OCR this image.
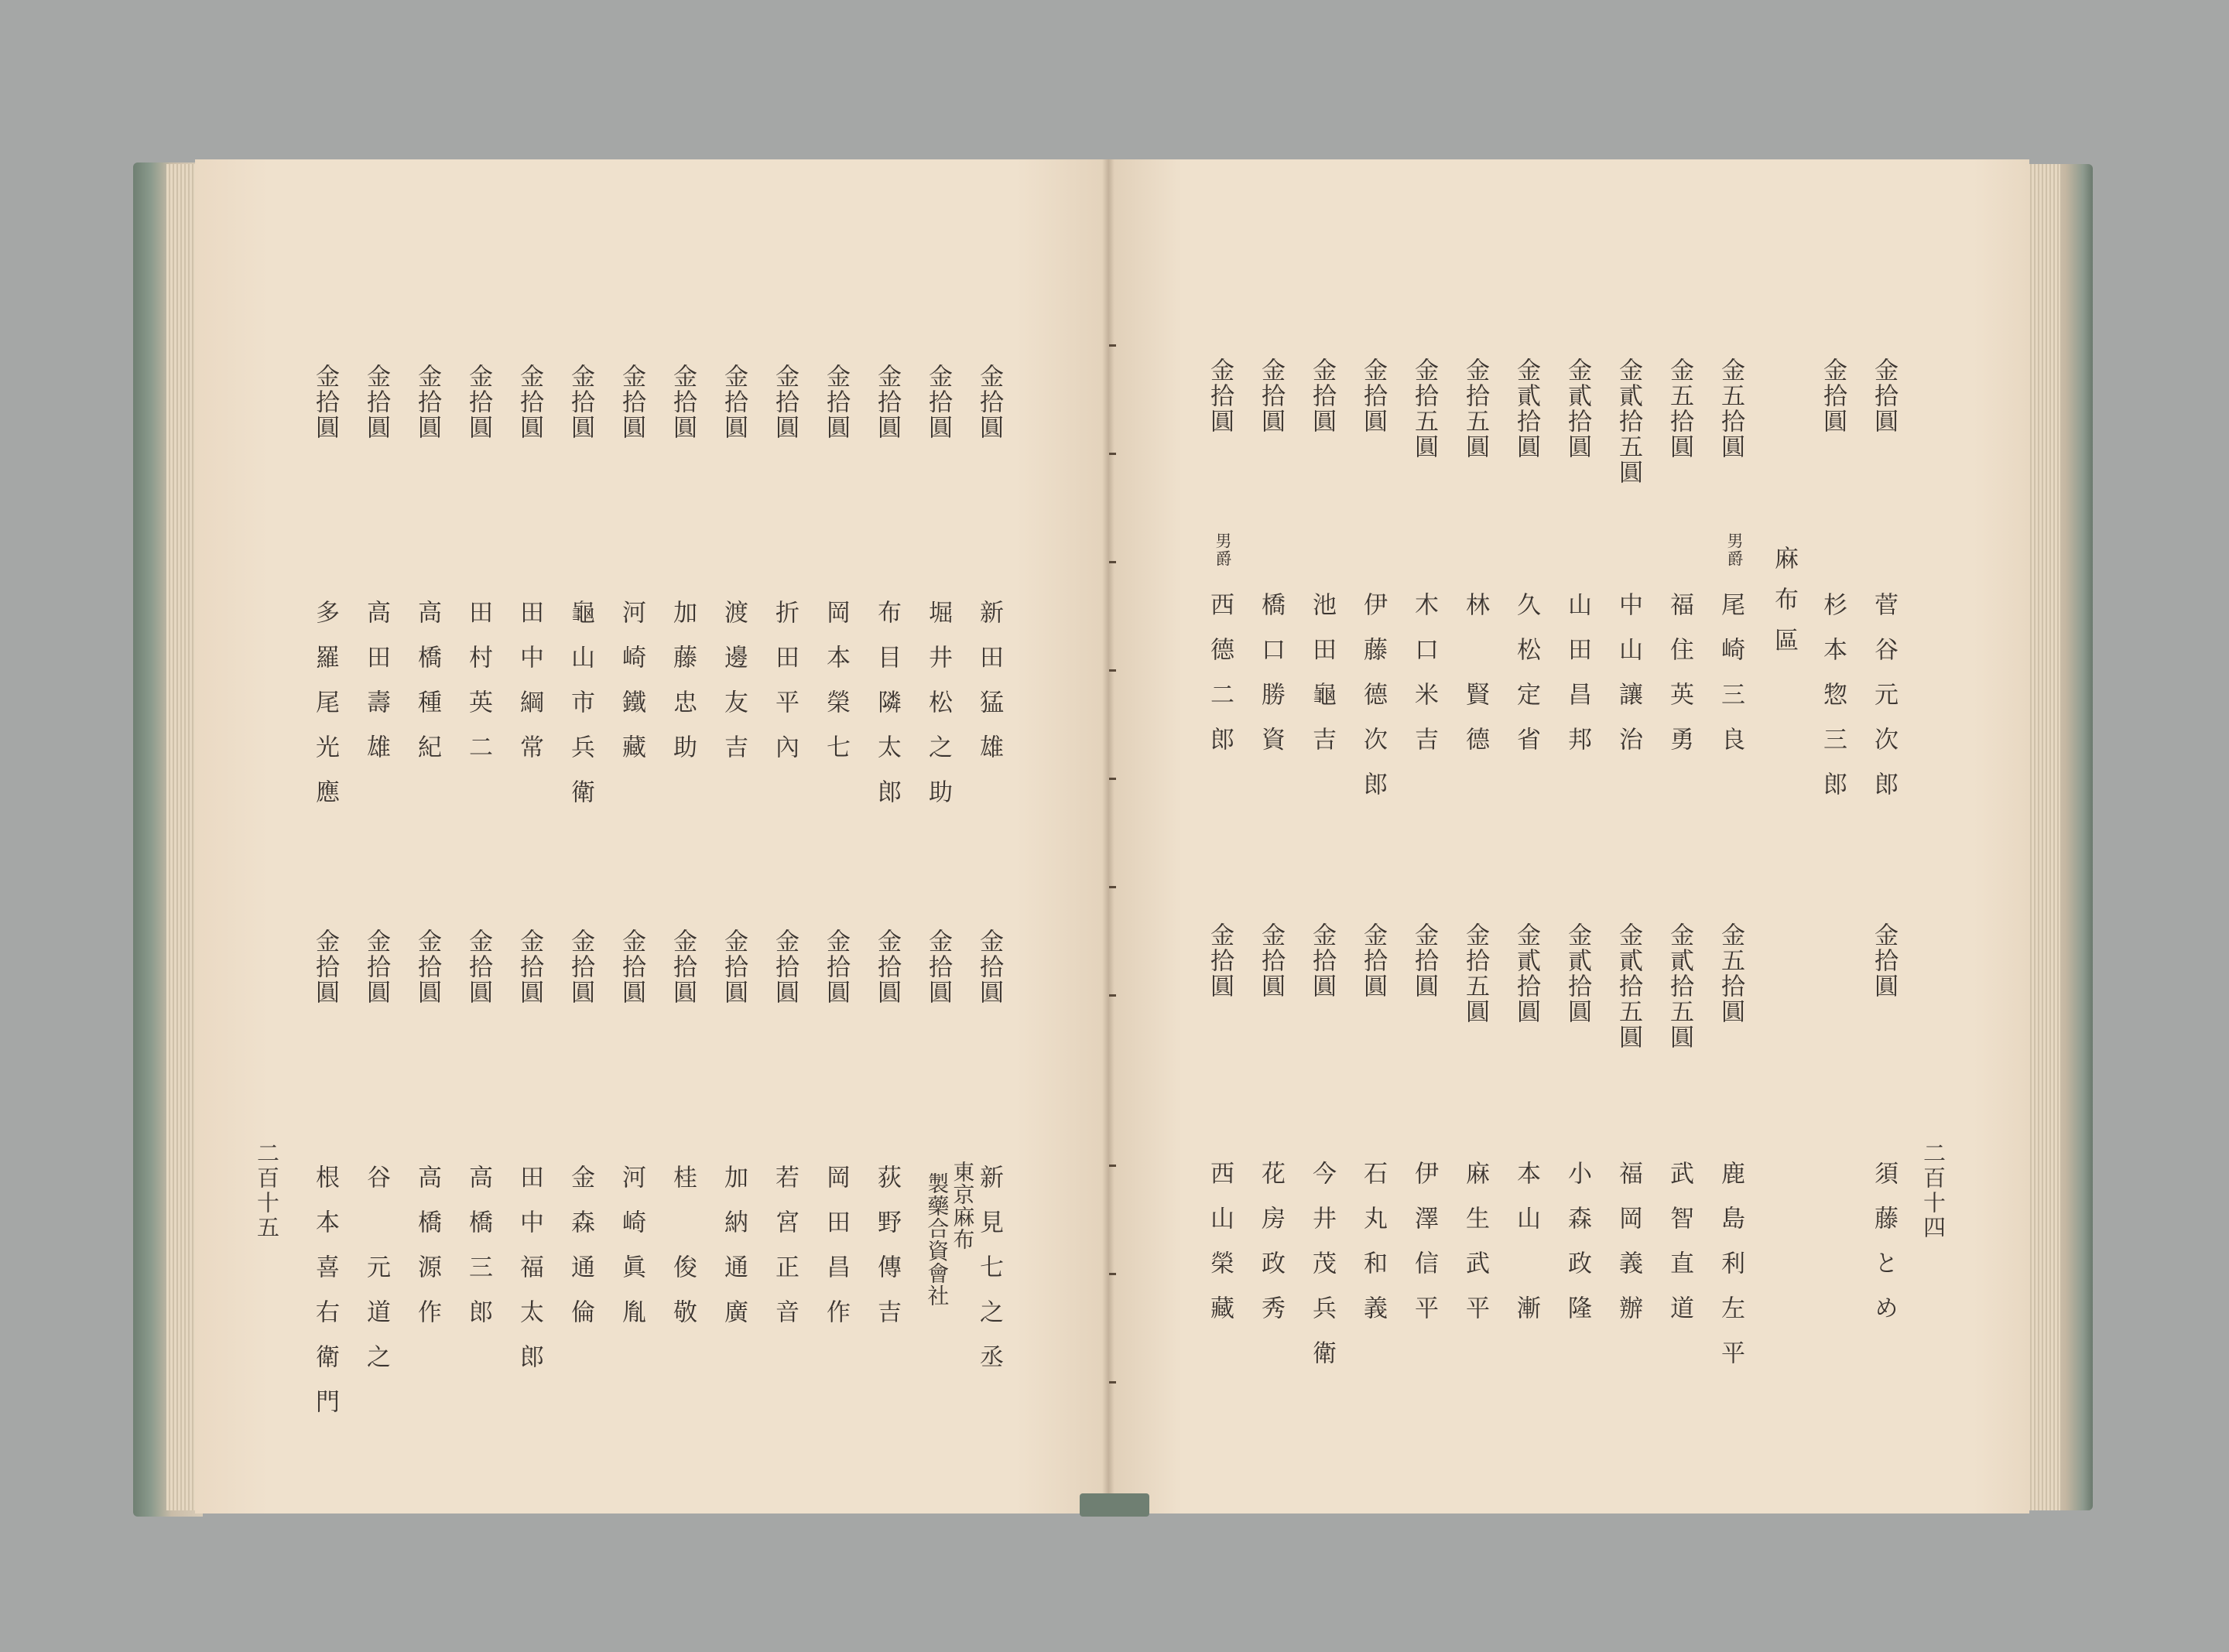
二百十四
二百十五
麻布區
金拾圓
金拾圓
金五拾圓
金五拾圓
金貳拾五圓
金貳拾圓
金貳拾圓
金拾五圓
金拾五圓
金拾圓
金拾圓
金拾圓
金拾圓
菅谷元次郎
杉本惣三郎
男爵
尾崎三良
福住英勇
中山讓治
山田昌邦
久松定省
林　賢德
木口米吉
伊藤德次郎
池田龜吉
橋口勝資
男爵
西德二郎
金拾圓
金五拾圓
金貳拾五圓
金貳拾五圓
金貳拾圓
金貳拾圓
金拾五圓
金拾圓
金拾圓
金拾圓
金拾圓
金拾圓
須藤とめ
鹿島利左平
武智直道
福岡義辦
小森政隆
本山　漸
麻生武平
伊澤信平
石丸和義
今井茂兵衛
花房政秀
西山榮藏
金拾圓
金拾圓
金拾圓
金拾圓
金拾圓
金拾圓
金拾圓
金拾圓
金拾圓
金拾圓
金拾圓
金拾圓
金拾圓
金拾圓
新田猛雄
堀井松之助
布目隣太郎
岡本榮七
折田平內
渡邊友吉
加藤忠助
河崎鐵藏
龜山市兵衛
田中綱常
田村英二
高橋種紀
高田壽雄
多羅尾光應
金拾圓
金拾圓
金拾圓
金拾圓
金拾圓
金拾圓
金拾圓
金拾圓
金拾圓
金拾圓
金拾圓
金拾圓
金拾圓
金拾圓
新見七之丞
東京麻布
製藥合資會社
荻野傳吉
岡田昌作
若宮正音
加納通廣
桂　俊敬
河崎眞胤
金森通倫
田中福太郎
高橋三郎
高橋源作
谷　元道之
根本喜右衛門
